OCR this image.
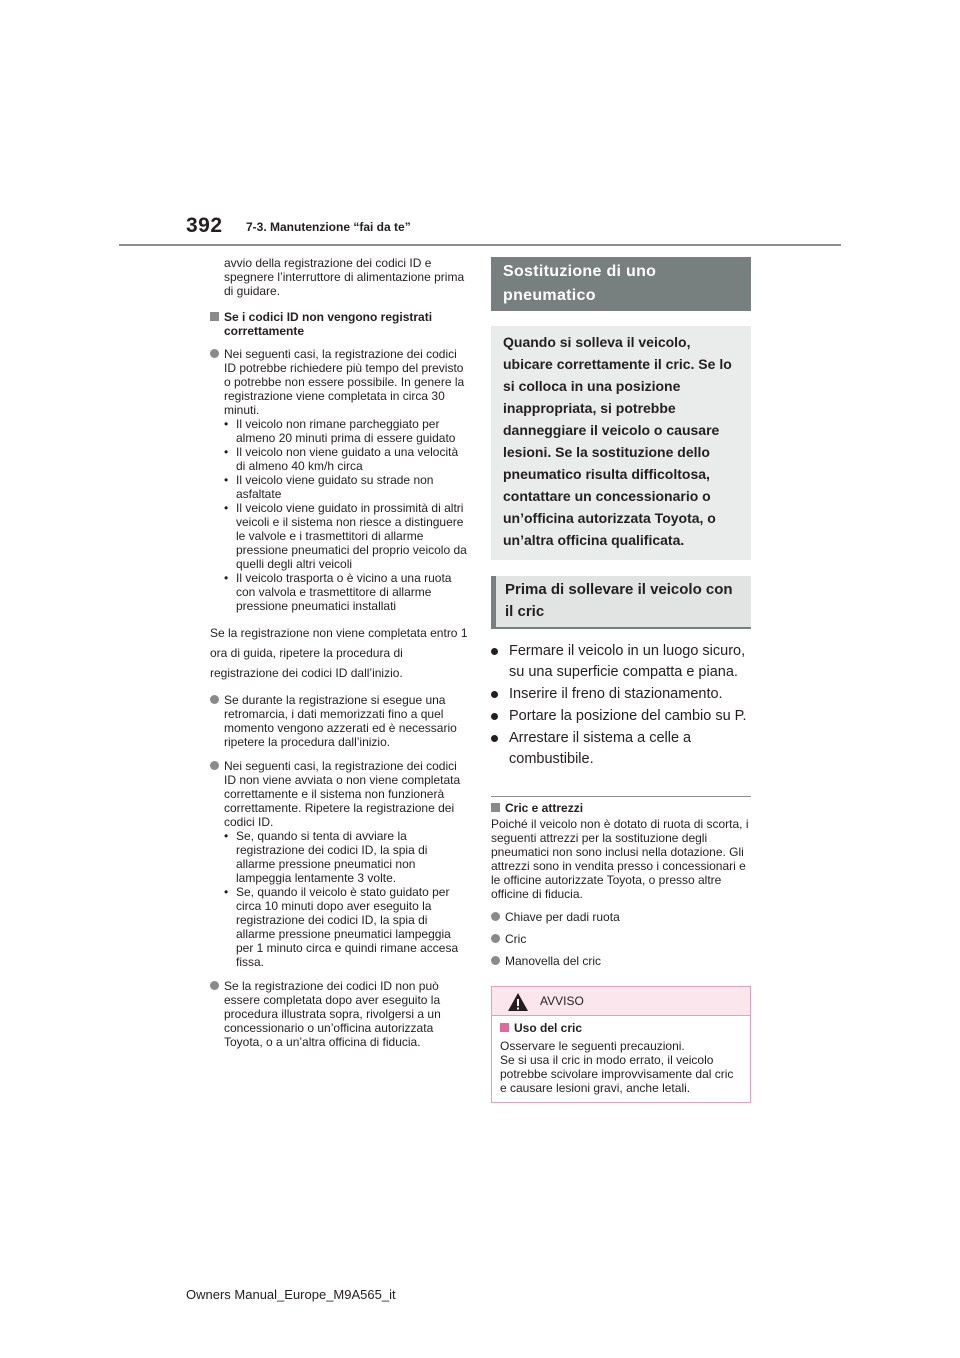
392 7-3. Manutenzione “fai da te”

avvio della registrazione dei codici ID e spegnere l’interruttore di alimentazione prima di guidare.

Se i codici ID non vengono registrati correttamente

Nei seguenti casi, la registrazione dei codici ID potrebbe richiedere più tempo del previsto o potrebbe non essere possibile. In genere la registrazione viene completata in circa 30 minuti.

• Il veicolo non rimane parcheggiato per almeno 20 minuti prima di essere guidato
• Il veicolo non viene guidato a una velocità di almeno 40 km/h circa
• Il veicolo viene guidato su strade non asfaltate
• Il veicolo viene guidato in prossimità di altri veicoli e il sistema non riesce a distinguere le valvole e i trasmettitori di allarme pressione pneumatici del proprio veicolo da quelli degli altri veicoli
• Il veicolo trasporta o è vicino a una ruota con valvola e trasmettitore di allarme pressione pneumatici installati

Se la registrazione non viene completata entro 1 ora di guida, ripetere la procedura di registrazione dei codici ID dall’inizio.

Se durante la registrazione si esegue una retromarcia, i dati memorizzati fino a quel momento vengono azzerati ed è necessario ripetere la procedura dall’inizio.

Nei seguenti casi, la registrazione dei codici ID non viene avviata o non viene completata correttamente e il sistema non funzionerà correttamente. Ripetere la registrazione dei codici ID.

• Se, quando si tenta di avviare la registrazione dei codici ID, la spia di allarme pressione pneumatici non lampeggia lentamente 3 volte.
• Se, quando il veicolo è stato guidato per circa 10 minuti dopo aver eseguito la registrazione dei codici ID, la spia di allarme pressione pneumatici lampeggia per 1 minuto circa e quindi rimane accesa fissa.

Se la registrazione dei codici ID non può essere completata dopo aver eseguito la procedura illustrata sopra, rivolgersi a un concessionario o un’officina autorizzata Toyota, o a un’altra officina di fiducia.

Sostituzione di uno pneumatico
Quando si solleva il veicolo, ubicare correttamente il cric. Se lo si colloca in una posizione inappropriata, si potrebbe danneggiare il veicolo o causare lesioni. Se la sostituzione dello pneumatico risulta difficoltosa, contattare un concessionario o un’officina autorizzata Toyota, o un’altra officina qualificata.
Prima di sollevare il veicolo con il cric
Fermare il veicolo in un luogo sicuro, su una superficie compatta e piana.
Inserire il freno di stazionamento.
Portare la posizione del cambio su P.
Arrestare il sistema a celle a combustibile.
Cric e attrezzi

Poiché il veicolo non è dotato di ruota di scorta, i seguenti attrezzi per la sostituzione degli pneumatici non sono inclusi nella dotazione. Gli attrezzi sono in vendita presso i concessionari e le officine autorizzate Toyota, o presso altre officine di fiducia.

Chiave per dadi ruota
Cric
Manovella del cric
AVVISO
Uso del cric

Osservare le seguenti precauzioni.

Se si usa il cric in modo errato, il veicolo potrebbe scivolare improvvisamente dal cric e causare lesioni gravi, anche letali.

Owners Manual_Europe_M9A565_it
